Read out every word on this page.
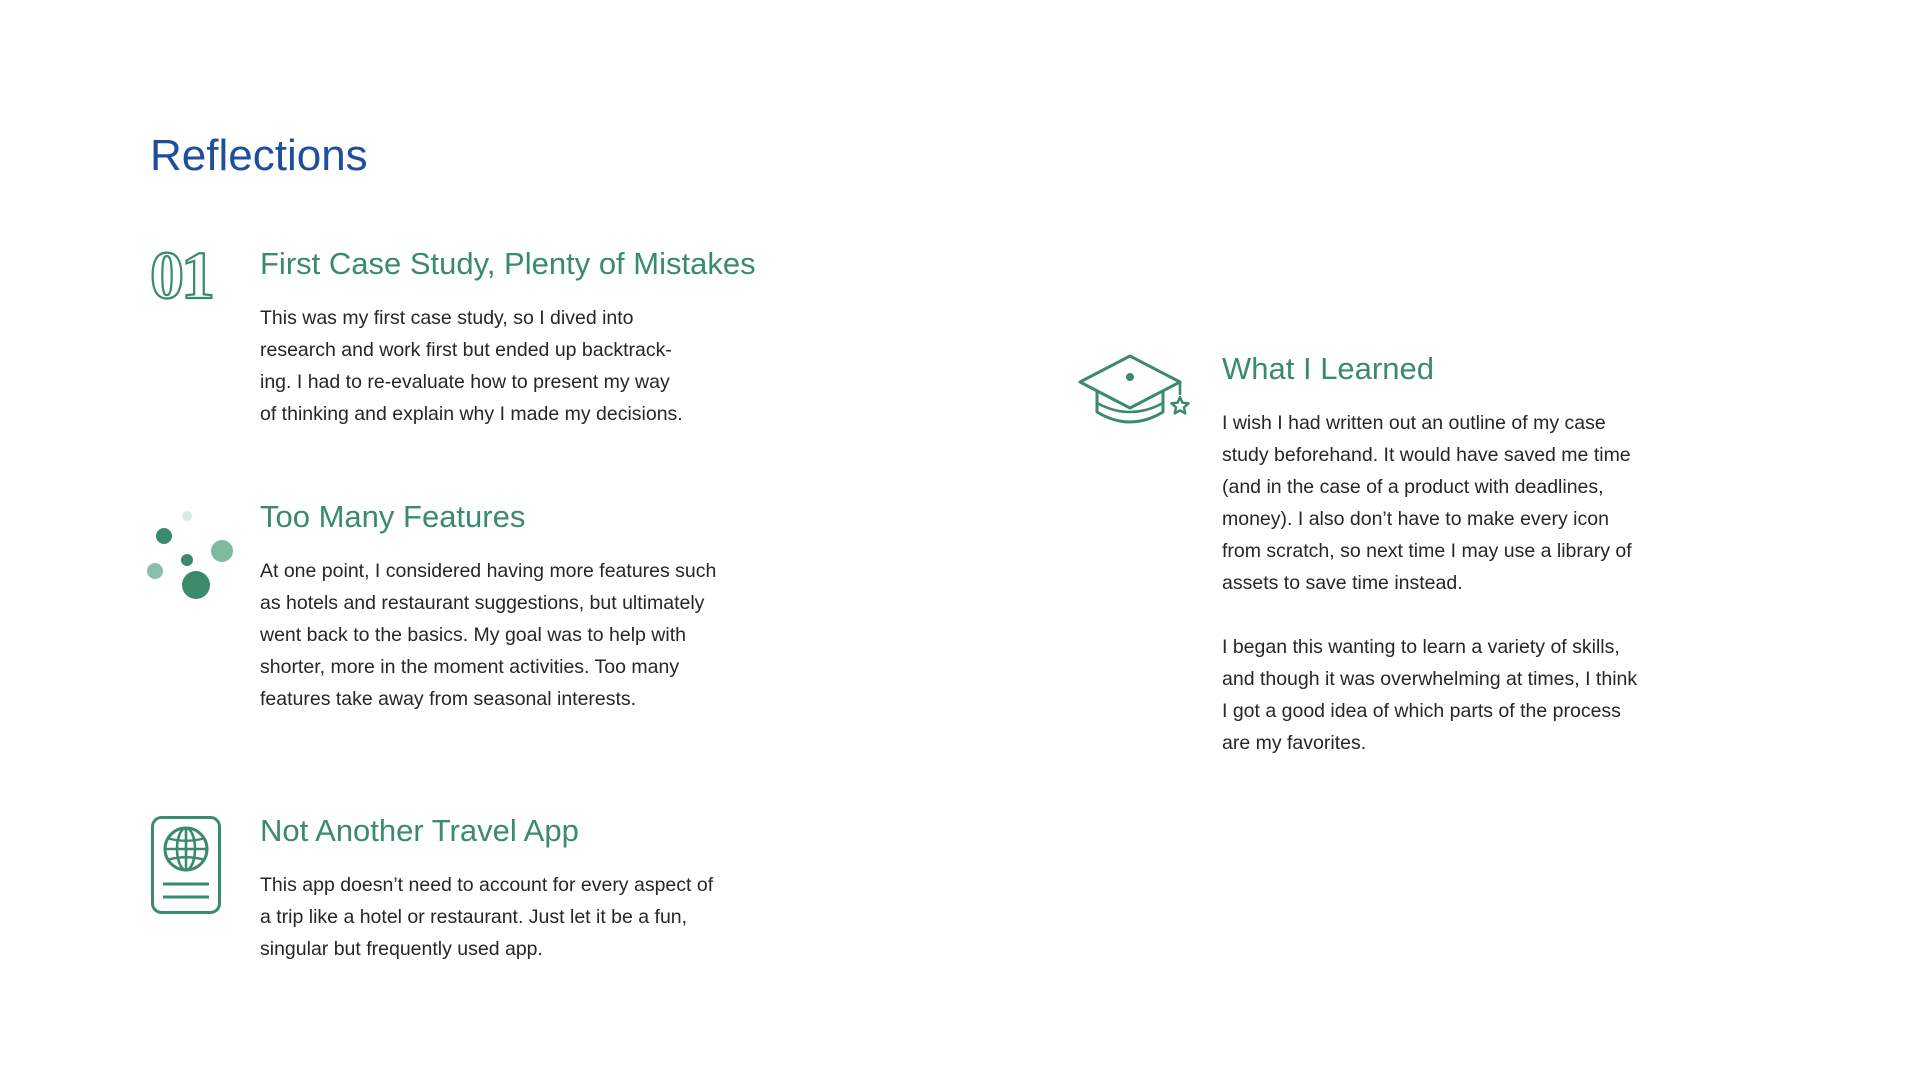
Reflections
01 First Case Study, Plenty of Mistakes

This was my first case study, so I dived into
research and work first but ended up backtrack-
ing. I had to re-evaluate how to present my way
of thinking and explain why I made my decisions.

Too Many Features

At one point, I considered having more features such
as hotels and restaurant suggestions, but ultimately
went back to the basics. My goal was to help with
shorter, more in the moment activities. Too many
features take away from seasonal interests.

Not Another Travel App

This app doesn’t need to account for every aspect of
a trip like a hotel or restaurant. Just let it be a fun,
singular but frequently used app.

What I Learned

I wish I had written out an outline of my case
study beforehand. It would have saved me time
(and in the case of a product with deadlines,
money). I also don’t have to make every icon
from scratch, so next time I may use a library of
assets to save time instead.

I began this wanting to learn a variety of skills,
and though it was overwhelming at times, I think
I got a good idea of which parts of the process
are my favorites.
